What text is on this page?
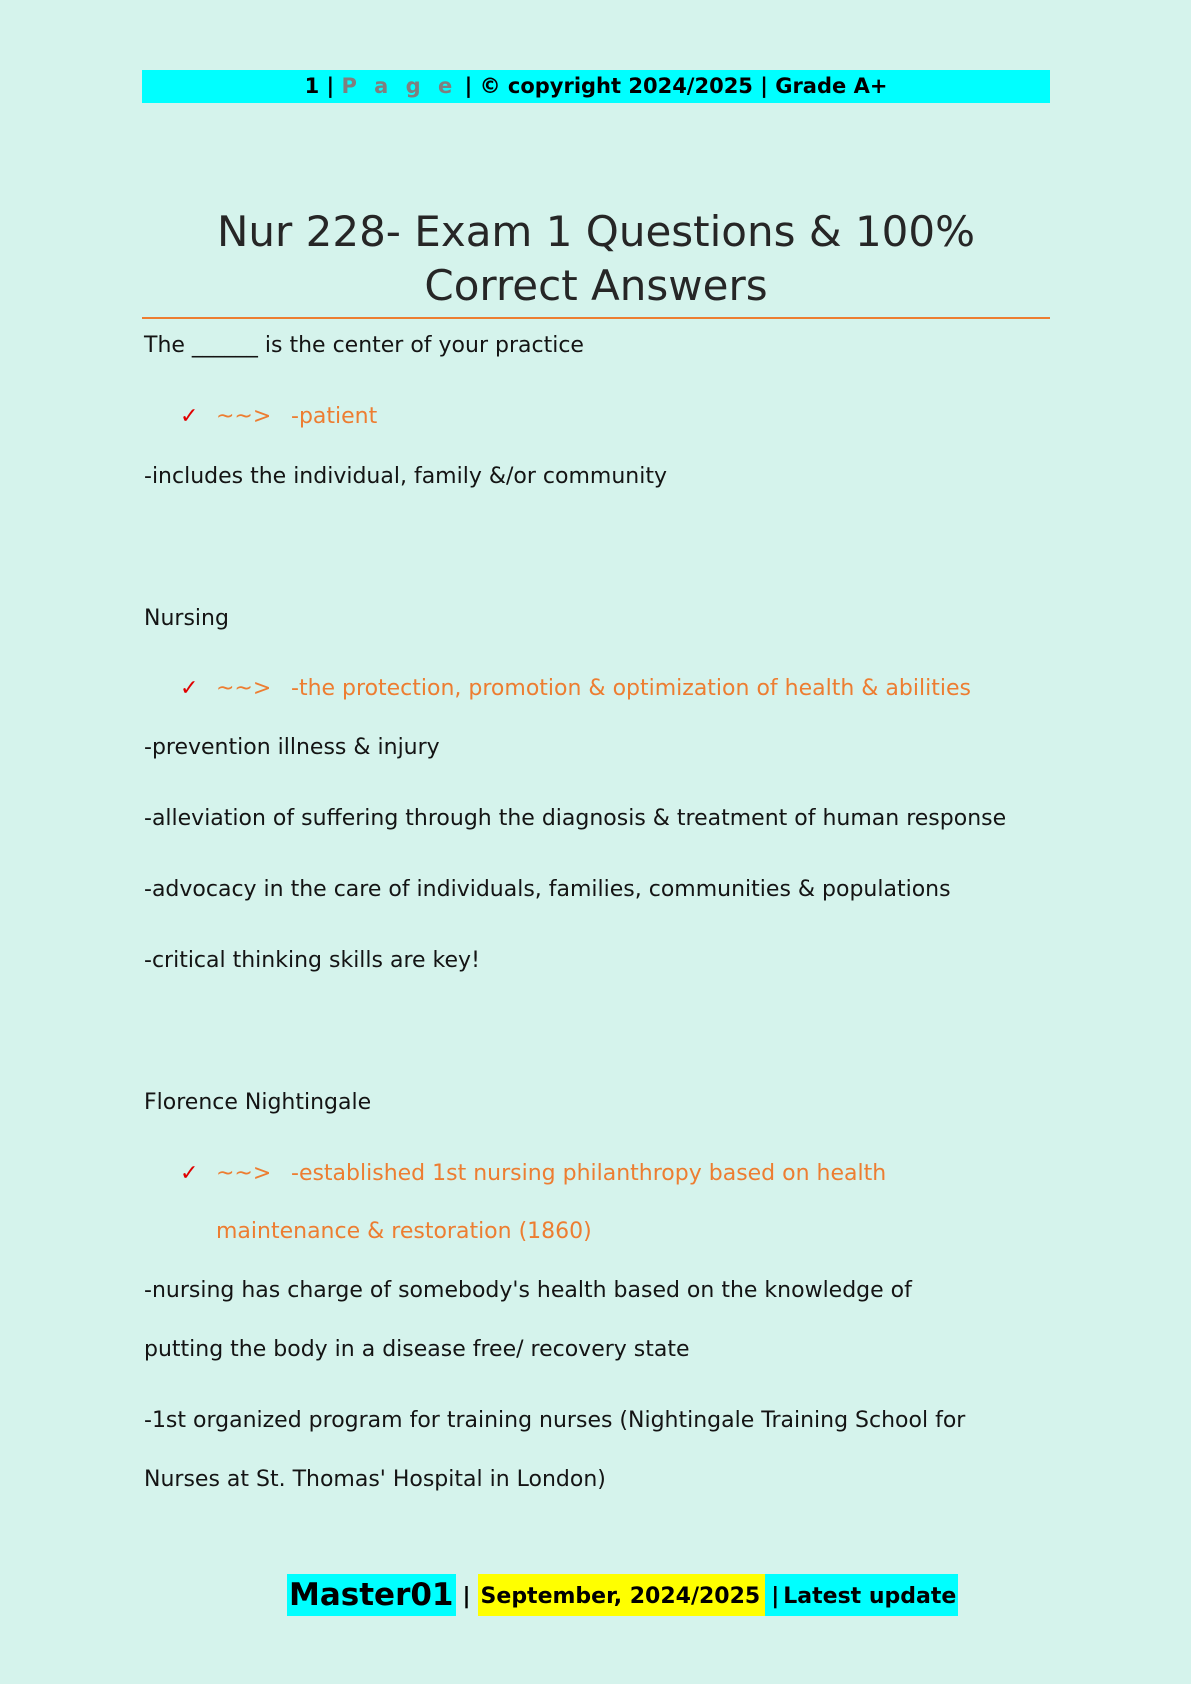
1 | P a g e | © copyright 2024/2025 | Grade A+
Nur 228- Exam 1 Questions & 100% Correct Answers
The ______ is the center of your practice
✓ ~~> -patient
-includes the individual, family &/or community
Nursing
✓ ~~> -the protection, promotion & optimization of health & abilities
-prevention illness & injury
-alleviation of suffering through the diagnosis & treatment of human response
-advocacy in the care of individuals, families, communities & populations
-critical thinking skills are key!
Florence Nightingale
✓ ~~> -established 1st nursing philanthropy based on health
maintenance & restoration (1860)
-nursing has charge of somebody's health based on the knowledge of
putting the body in a disease free/ recovery state
-1st organized program for training nurses (Nightingale Training School for
Nurses at St. Thomas' Hospital in London)
Master01 | September, 2024/2025 | Latest update
